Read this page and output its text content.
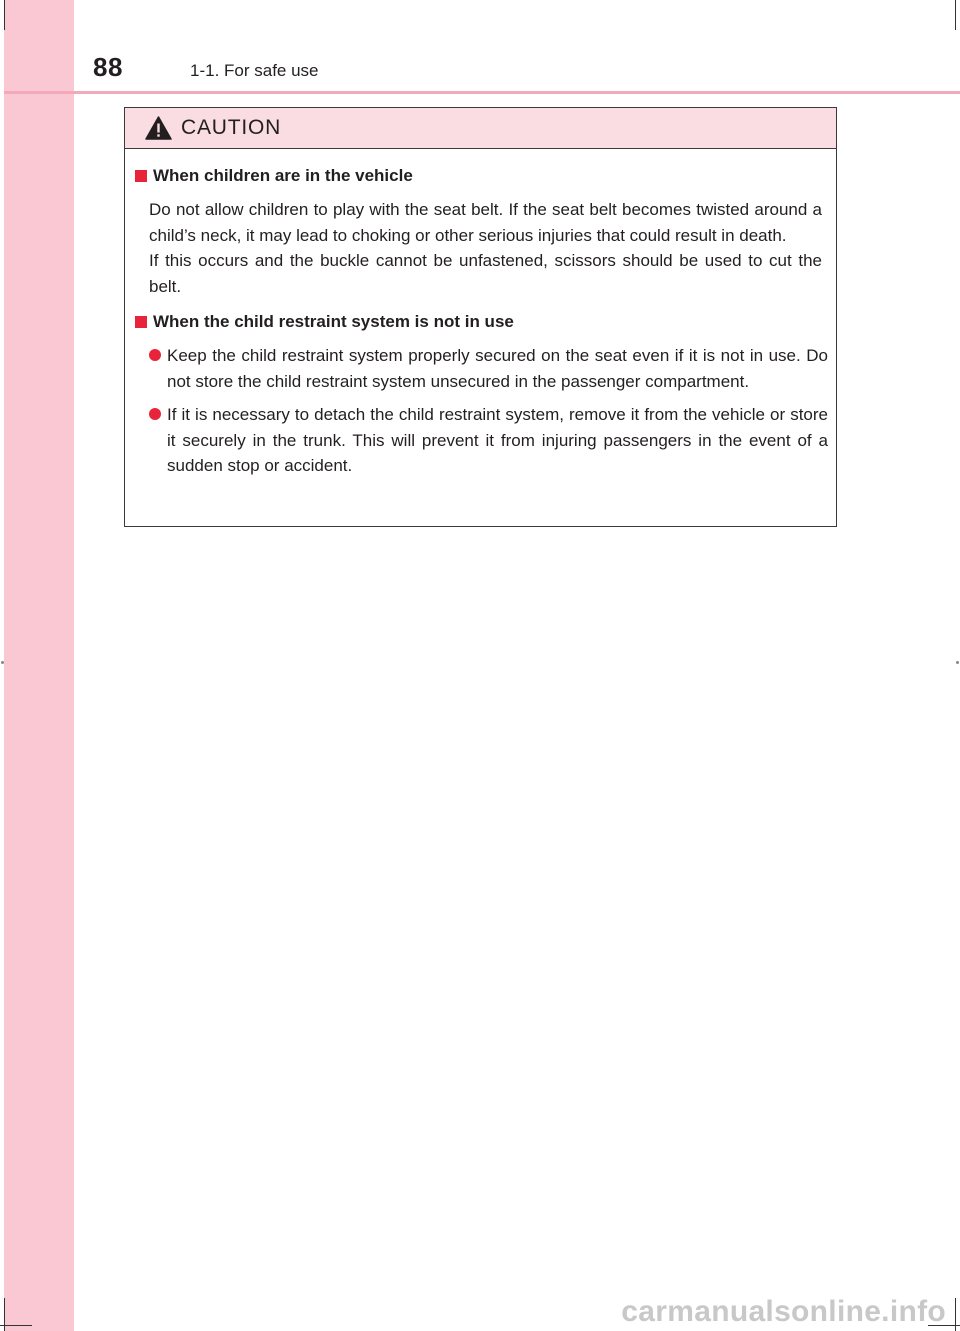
88	1-1. For safe use
CAUTION
When children are in the vehicle
Do not allow children to play with the seat belt. If the seat belt becomes twisted around a child’s neck, it may lead to choking or other serious injuries that could result in death.
If this occurs and the buckle cannot be unfastened, scissors should be used to cut the belt.
When the child restraint system is not in use
Keep the child restraint system properly secured on the seat even if it is not in use. Do not store the child restraint system unsecured in the passenger compartment.
If it is necessary to detach the child restraint system, remove it from the vehicle or store it securely in the trunk. This will prevent it from injuring passengers in the event of a sudden stop or accident.
carmanualsonline.info
